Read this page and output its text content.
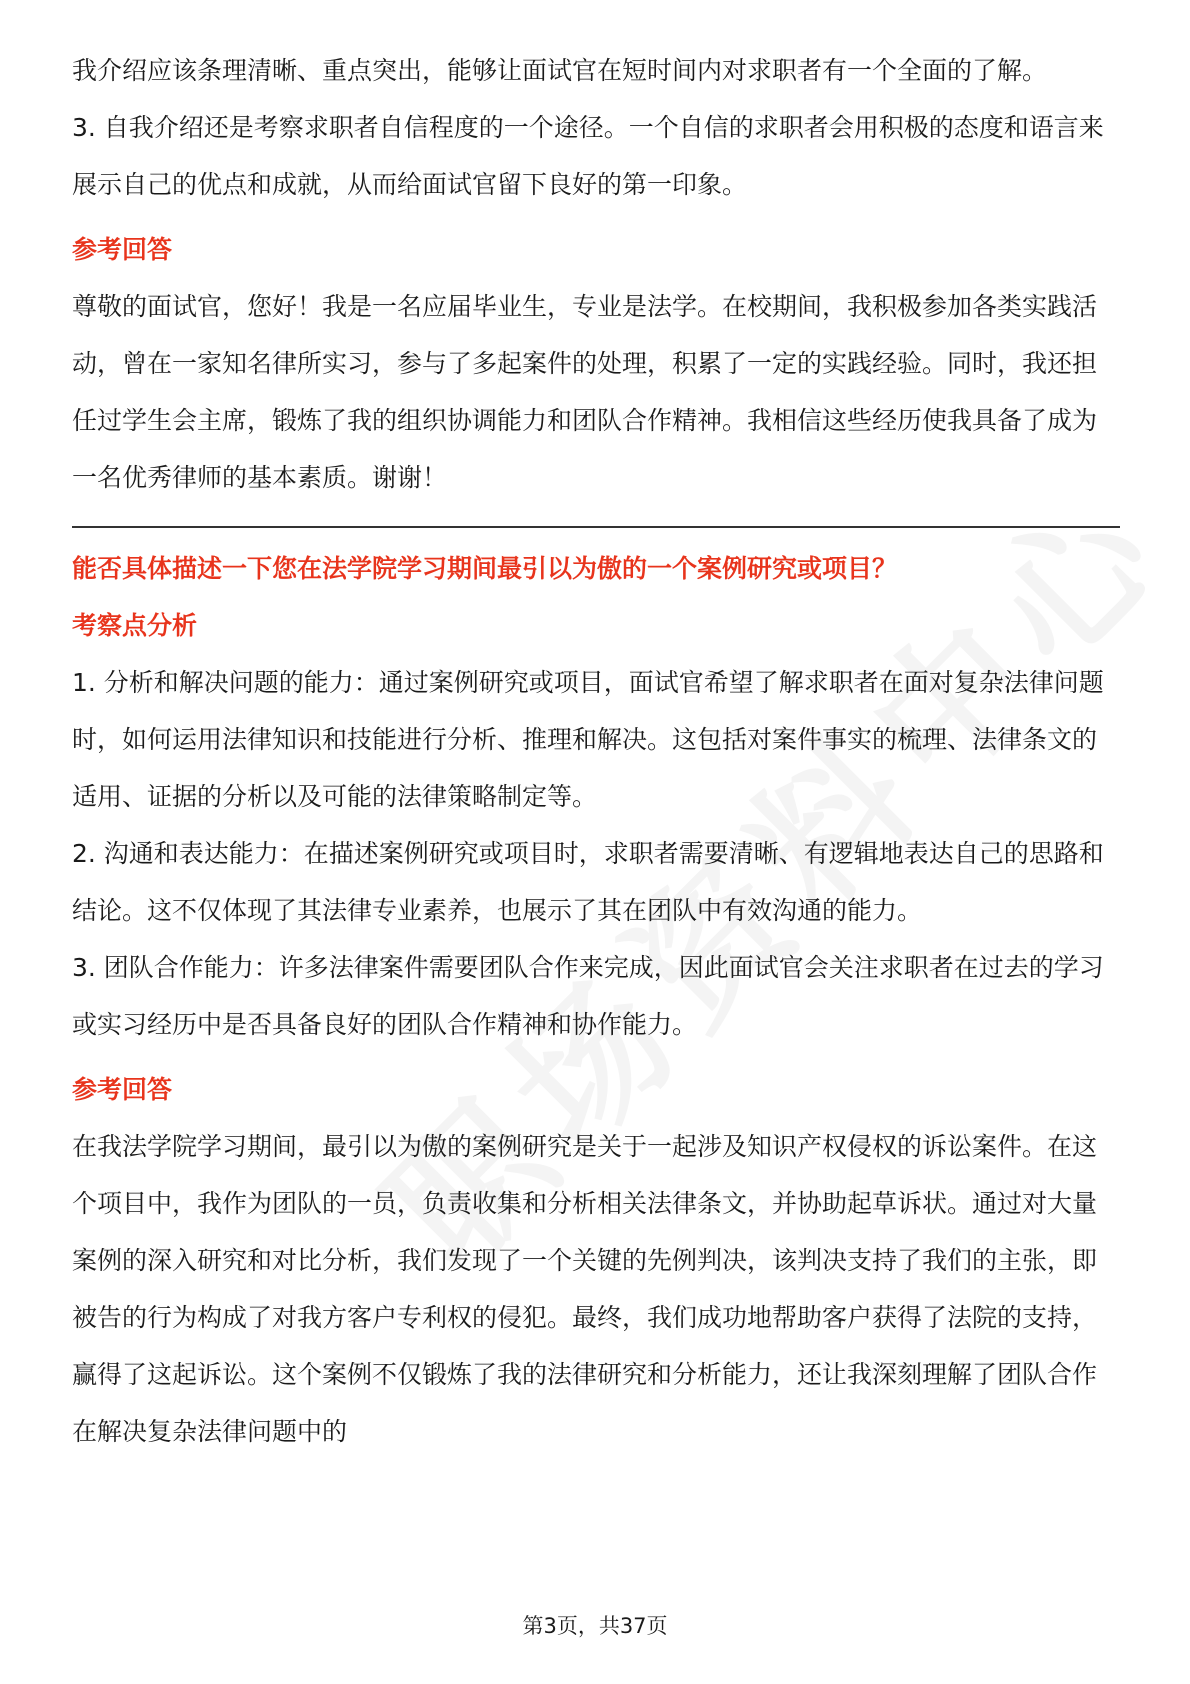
我介绍应该条理清晰、重点突出，能够让面试官在短时间内对求职者有一个全面的了解。

3. 自我介绍还是考察求职者自信程度的一个途径。一个自信的求职者会用积极的态度和语言来展示自己的优点和成就，从而给面试官留下良好的第一印象。

参考回答

尊敬的面试官，您好！我是一名应届毕业生，专业是法学。在校期间，我积极参加各类实践活动，曾在一家知名律所实习，参与了多起案件的处理，积累了一定的实践经验。同时，我还担任过学生会主席，锻炼了我的组织协调能力和团队合作精神。我相信这些经历使我具备了成为一名优秀律师的基本素质。谢谢！

能否具体描述一下您在法学院学习期间最引以为傲的一个案例研究或项目？

考察点分析

1. 分析和解决问题的能力：通过案例研究或项目，面试官希望了解求职者在面对复杂法律问题时，如何运用法律知识和技能进行分析、推理和解决。这包括对案件事实的梳理、法律条文的适用、证据的分析以及可能的法律策略制定等。

2. 沟通和表达能力：在描述案例研究或项目时，求职者需要清晰、有逻辑地表达自己的思路和结论。这不仅体现了其法律专业素养，也展示了其在团队中有效沟通的能力。

3. 团队合作能力：许多法律案件需要团队合作来完成，因此面试官会关注求职者在过去的学习或实习经历中是否具备良好的团队合作精神和协作能力。

参考回答

在我法学院学习期间，最引以为傲的案例研究是关于一起涉及知识产权侵权的诉讼案件。在这个项目中，我作为团队的一员，负责收集和分析相关法律条文，并协助起草诉状。通过对大量案例的深入研究和对比分析，我们发现了一个关键的先例判决，该判决支持了我们的主张，即被告的行为构成了对我方客户专利权的侵犯。最终，我们成功地帮助客户获得了法院的支持，赢得了这起诉讼。这个案例不仅锻炼了我的法律研究和分析能力，还让我深刻理解了团队合作在解决复杂法律问题中的

第3页，共37页
